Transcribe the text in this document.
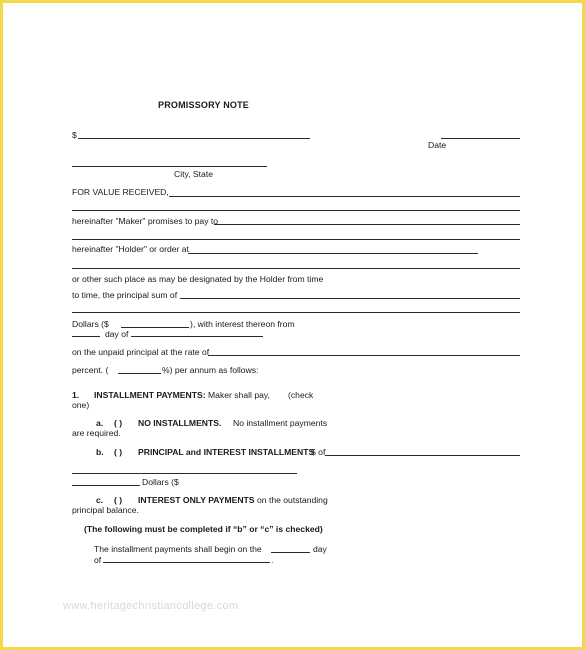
PROMISSORY NOTE
$
Date
City, State
FOR VALUE RECEIVED,
hereinafter "Maker" promises to pay to
hereinafter "Holder" or order at
or other such place as may be designated by the Holder from time
to time, the principal sum of
Dollars ($	), with interest thereon from
day of
on the unpaid principal at the rate of
percent. (	%) per annum as follows:
1. INSTALLMENT PAYMENTS: Maker shall pay, (check
one)
a. ( ) NO INSTALLMENTS. No installment payments
are required.
b. ( ) PRINCIPAL and INTEREST INSTALLMENTS
$ of
Dollars ($
c. ( ) INTEREST ONLY PAYMENTS on the outstanding
principal balance.
(The following must be completed if “b” or “c” is checked)
The installment payments shall begin on the	day
of	.
www.heritagechristiancollege.com
